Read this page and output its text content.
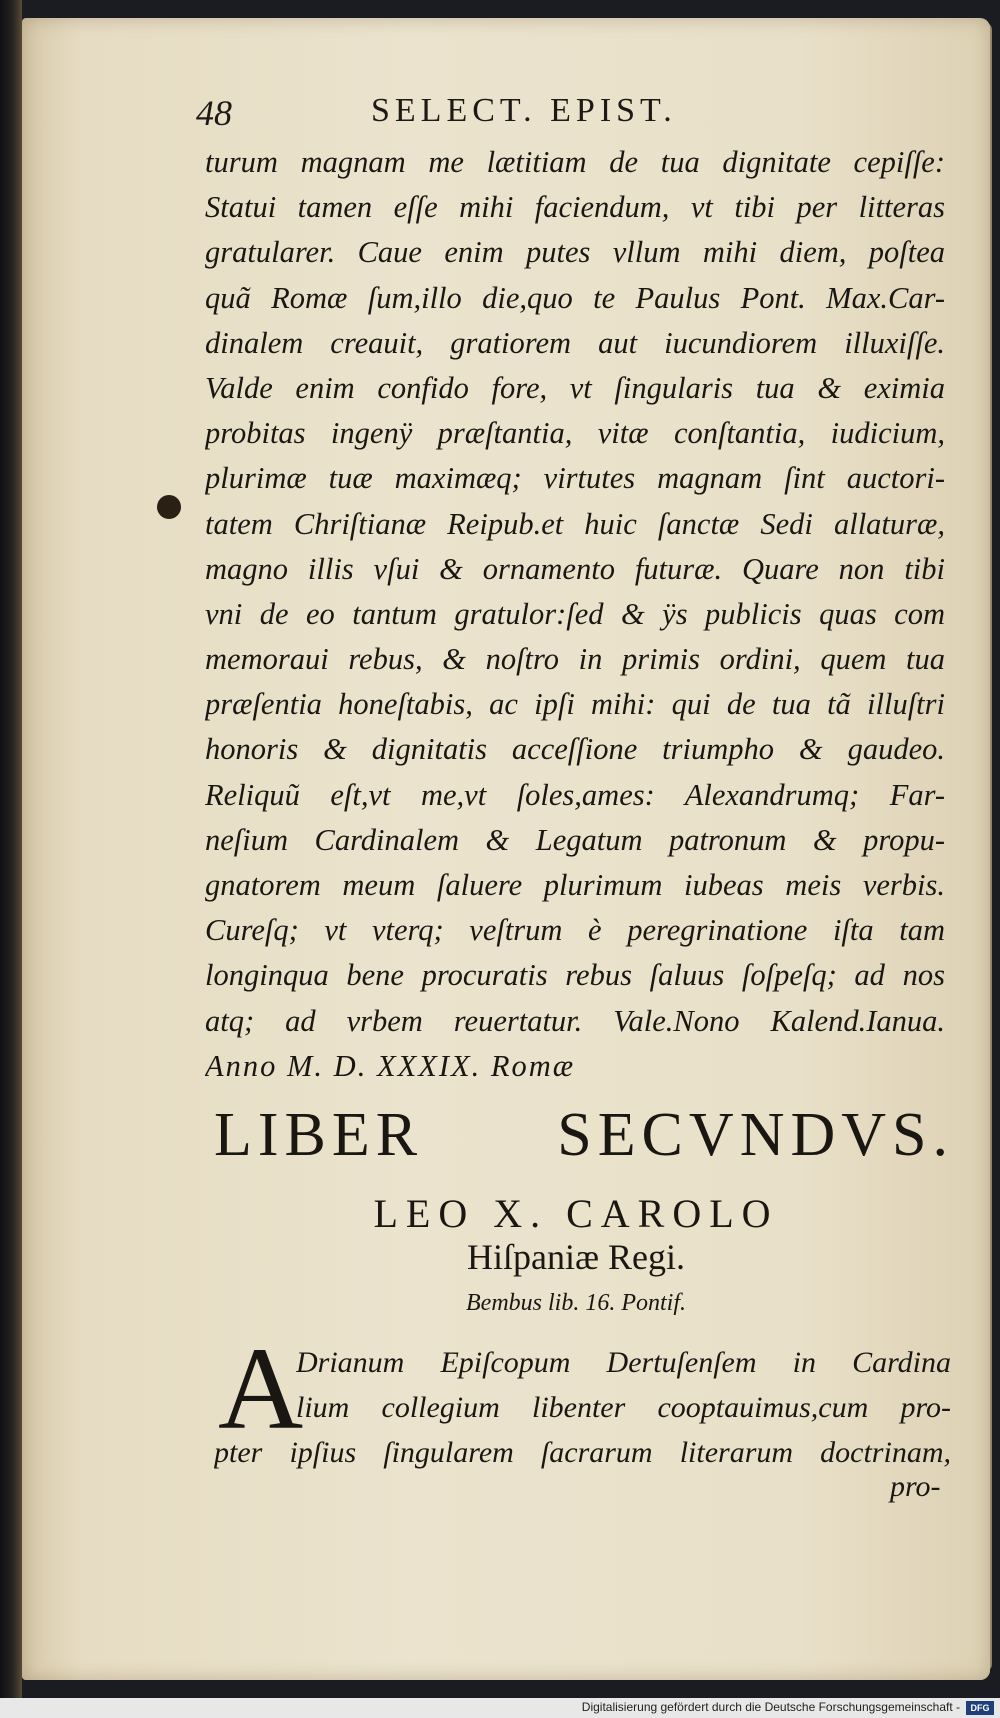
48	SELECT. EPIST.
turum magnam me lætitiam de tua dignitate cepiſſe:
Statui tamen eſſe mihi faciendum, vt tibi per litteras
gratularer. Caue enim putes vllum mihi diem, poſtea
quã Romæ ſum,illo die,quo te Paulus Pont. Max.Car-
dinalem creauit, gratiorem aut iucundiorem illuxiſſe.
Valde enim confido fore, vt ſingularis tua & eximia
probitas ingenÿ præſtantia, vitæ conſtantia, iudicium,
plurimæ tuæ maximæq; virtutes magnam ſint auctori-
tatem Chriſtianæ Reipub.et huic ſanctæ Sedi allaturæ,
magno illis vſui & ornamento futuræ. Quare non tibi
vni de eo tantum gratulor:ſed & ÿs publicis quas com
memoraui rebus, & noſtro in primis ordini, quem tua
præſentia honeſtabis, ac ipſi mihi: qui de tua tã illuſtri
honoris & dignitatis acceſſione triumpho & gaudeo.
Reliquũ eſt,vt me,vt ſoles,ames: Alexandrumq; Far-
neſium Cardinalem & Legatum patronum & propu-
gnatorem meum ſaluere plurimum iubeas meis verbis.
Cureſq; vt vterq; veſtrum è peregrinatione iſta tam
longinqua bene procuratis rebus ſaluus ſoſpeſq; ad nos
atq; ad vrbem reuertatur. Vale.Nono Kalend.Ianua.
Anno M. D. XXXIX. Romæ
LIBER SECVNDVS.
LEO X. CAROLO
Hiſpaniæ Regi.
Bembus lib. 16. Pontif.
A
Drianum Epiſcopum Dertuſenſem in Cardina
lium collegium libenter cooptauimus,cum pro-
pter ipſius ſingularem ſacrarum literarum doctrinam,
pro-
Digitalisierung gefördert durch die Deutsche Forschungsgemeinschaft -	DFG
